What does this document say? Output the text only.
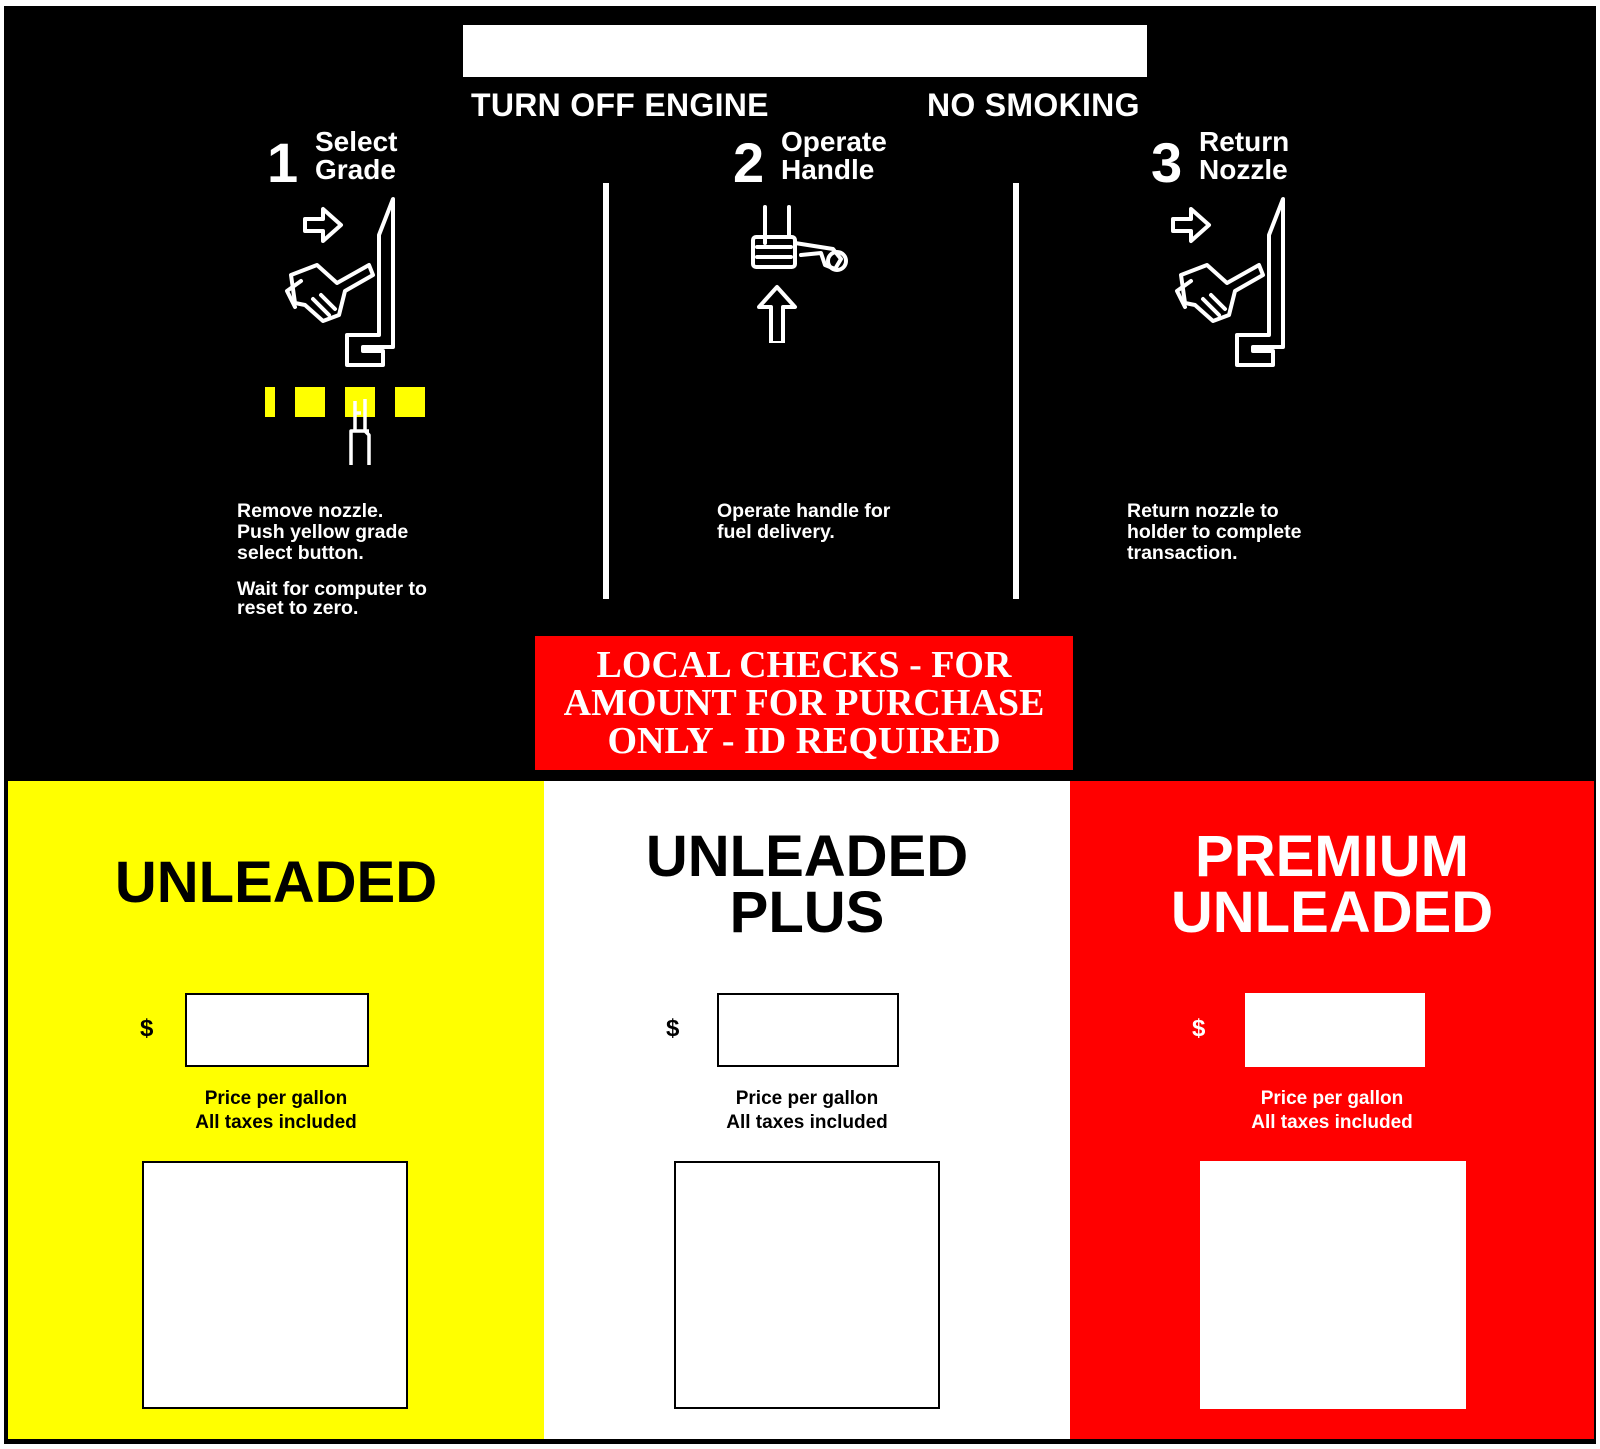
TURN OFF ENGINE	NO SMOKING
1 Select
Grade
Remove nozzle.
Push yellow grade
select button.
Wait for computer to
reset to zero.
2 Operate
Handle
Operate handle for
fuel delivery.
3 Return
Nozzle
Return nozzle to
holder to complete
transaction.
LOCAL CHECKS - FOR
AMOUNT FOR PURCHASE
ONLY - ID REQUIRED
UNLEADED
$
Price per gallon
All taxes included
UNLEADED
PLUS
$
Price per gallon
All taxes included
PREMIUM
UNLEADED
$
Price per gallon
All taxes included
